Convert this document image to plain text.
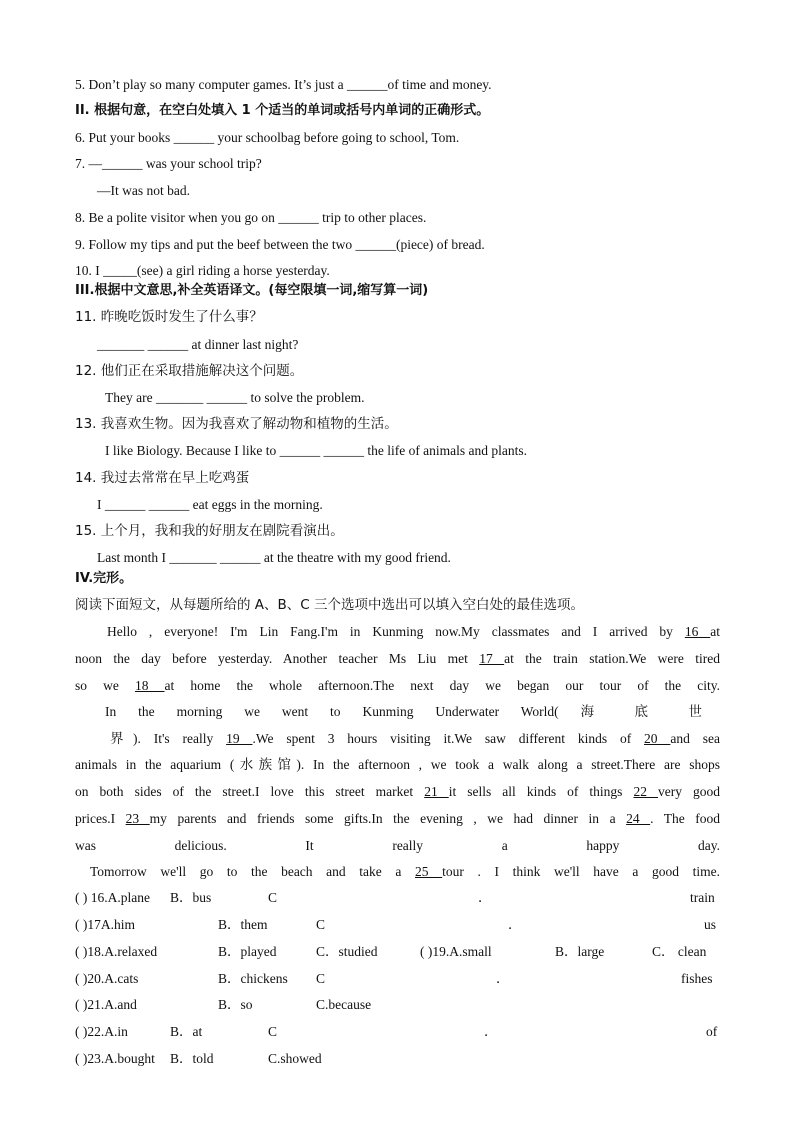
5. Don’t play so many computer games. It’s just a ______of time and money.
II. 根据句意，在空白处填入 1 个适当的单词或括号内单词的正确形式。
6. Put your books ______ your schoolbag before going to school, Tom.
7. —______ was your school trip?
—It was not bad.
8. Be a polite visitor when you go on ______ trip to other places.
9. Follow my tips and put the beef between the two ______(piece) of bread.
10. I _____(see) a girl riding a horse yesterday.
III.根据中文意思,补全英语译文。(每空限填一词,缩写算一词)
11. 昨晚吃饭时发生了什么事？
_______ ______ at dinner last night?
12. 他们正在采取措施解决这个问题。
They are _______ ______ to solve the problem.
13. 我喜欢生物。因为我喜欢了解动物和植物的生活。
I like Biology. Because I like to ______ ______ the life of animals and plants.
14. 我过去常常在早上吃鸡蛋
I ______ ______ eat eggs in the morning.
15. 上个月，我和我的好朋友在剧院看演出。
Last month I _______ ______ at the theatre with my good friend.
IV.完形。
阅读下面短文，从每题所给的 A、B、C 三个选项中选出可以填入空白处的最佳选项。
Hello , everyone! I'm Lin Fang.I'm in Kunming now.My classmates and I arrived by 16 at
noon the day before yesterday. Another teacher Ms Liu met 17 at the train station.We were tired
so we 18 at home the whole afternoon.The next day we began our tour of the city.
In the morning we went to Kunming Underwater World( 海 底 世
界). It's really 19 .We spent 3 hours visiting it.We saw different kinds of 20 and sea
animals in the aquarium (水族馆). In the afternoon , we took a walk along a street.There are shops
on both sides of the street.I love this street market 21 it sells all kinds of things 22 very good
prices.I 23 my parents and friends some gifts.In the evening , we had dinner in a 24 . The food
was delicious. It really a happy day.
Tomorrow we'll go to the beach and take a 25 tour . I think we'll have a good time.
( ) 16.A.plane B．bus	C	．	train
( )17A.him	B．them	C	．	us
( )18.A.relaxed	B．played	C．studied	( )19.A.small	B．large	C． clean
( )20.A.cats	B．chickens C	．	fishes
( )21.A.and	B．so	C.because
( )22.A.in	B．at	C	．	of
( )23.A.bought B．told	C.showed
